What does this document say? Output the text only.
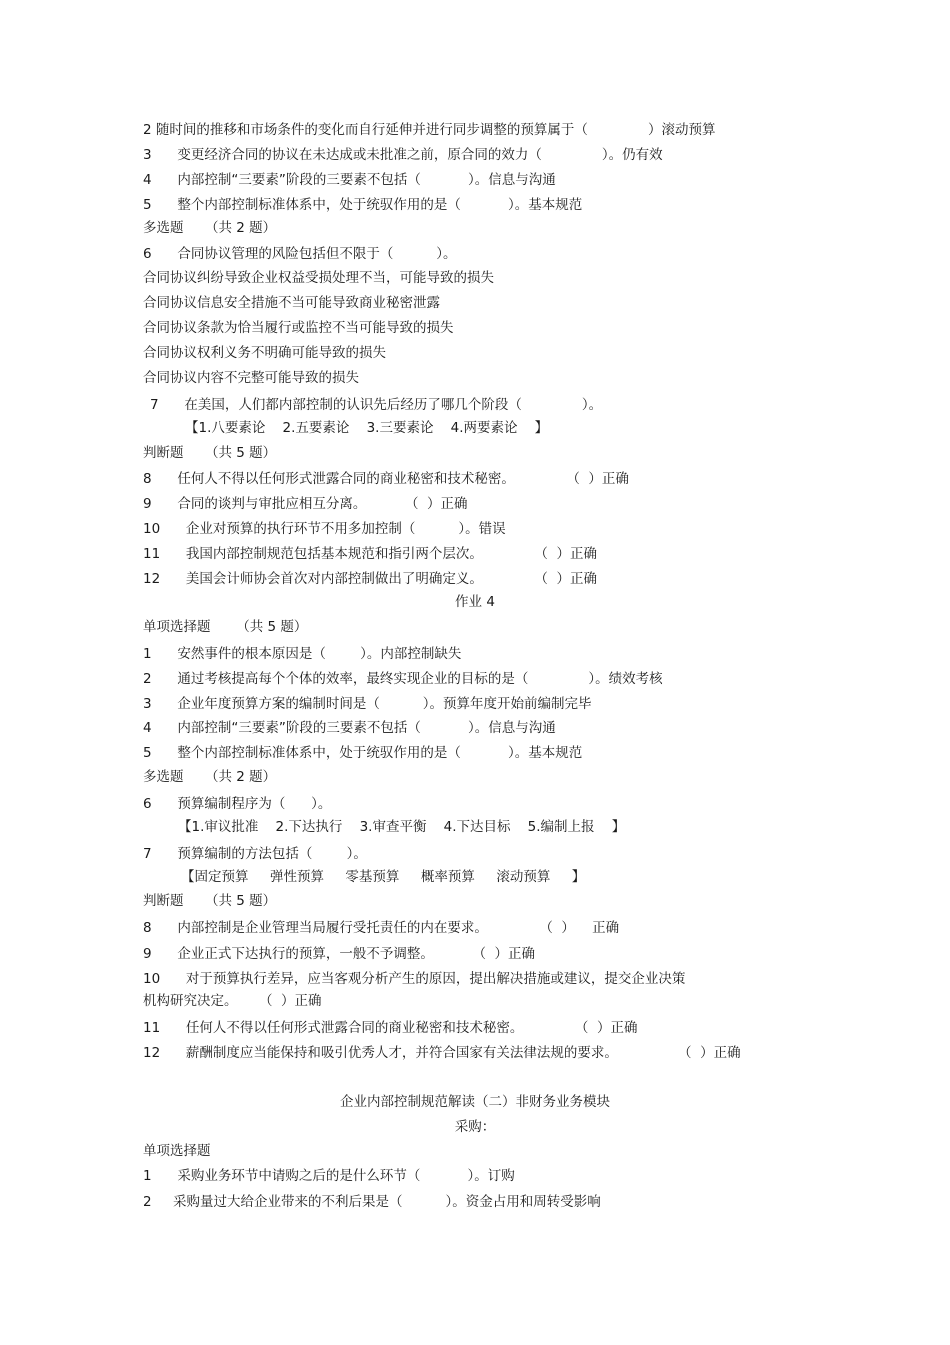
2 随时间的推移和市场条件的变化而自行延伸并进行同步调整的预算属于（              ）滚动预算
3      变更经济合同的协议在未达成或未批准之前，原合同的效力（              ）。仍有效
4      内部控制“三要素”阶段的三要素不包括（           ）。信息与沟通
5      整个内部控制标准体系中，处于统驭作用的是（           ）。基本规范
多选题     （共 2 题）
6      合同协议管理的风险包括但不限于（          ）。
合同协议纠纷导致企业权益受损处理不当，可能导致的损失
合同协议信息安全措施不当可能导致商业秘密泄露
合同协议条款为恰当履行或监控不当可能导致的损失
合同协议权利义务不明确可能导致的损失
合同协议内容不完整可能导致的损失
7      在美国，人们都内部控制的认识先后经历了哪几个阶段（              ）。
【1.八要素论    2.五要素论    3.三要素论    4.两要素论    】
判断题     （共 5 题）
8      任何人不得以任何形式泄露合同的商业秘密和技术秘密。            （  ）正确
9      合同的谈判与审批应相互分离。         （  ）正确
10      企业对预算的执行环节不用多加控制（          ）。错误
11      我国内部控制规范包括基本规范和指引两个层次。            （  ）正确
12      美国会计师协会首次对内部控制做出了明确定义。            （  ）正确
单项选择题      （共 5 题）
1      安然事件的根本原因是（        ）。内部控制缺失
2      通过考核提高每个个体的效率，最终实现企业的目标的是（              ）。绩效考核
3      企业年度预算方案的编制时间是（          ）。预算年度开始前编制完毕
4      内部控制“三要素”阶段的三要素不包括（           ）。信息与沟通
5      整个内部控制标准体系中，处于统驭作用的是（           ）。基本规范
多选题     （共 2 题）
6      预算编制程序为（      ）。
【1.审议批准    2.下达执行    3.审查平衡    4.下达目标    5.编制上报    】
7      预算编制的方法包括（        ）。
【固定预算     弹性预算     零基预算     概率预算     滚动预算     】
判断题     （共 5 题）
8      内部控制是企业管理当局履行受托责任的内在要求。            （  ）    正确
9      企业正式下达执行的预算，一般不予调整。         （  ）正确
10      对于预算执行差异，应当客观分析产生的原因，提出解决措施或建议，提交企业决策
机构研究决定。     （  ）正确
11      任何人不得以任何形式泄露合同的商业秘密和技术秘密。            （  ）正确
12      薪酬制度应当能保持和吸引优秀人才，并符合国家有关法律法规的要求。              （  ）正确
单项选择题
1      采购业务环节中请购之后的是什么环节（           ）。订购
2     采购量过大给企业带来的不利后果是（          ）。资金占用和周转受影响
作业 4
企业内部控制规范解读（二）非财务业务模块
采购：
